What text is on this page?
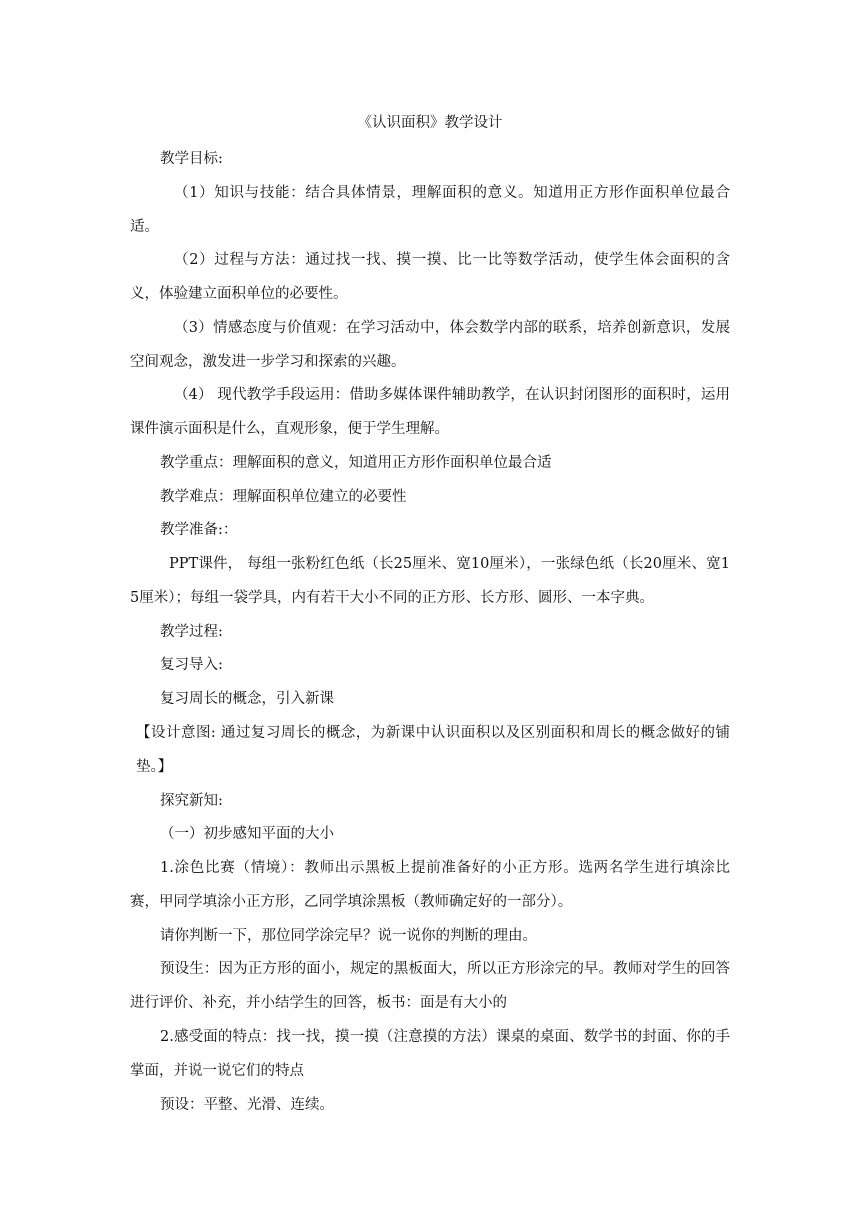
《认识面积》教学设计
教学目标:
（1）知识与技能：结合具体情景，理解面积的意义。知道用正方形作面积单位最合适。
（2）过程与方法：通过找一找、摸一摸、比一比等数学活动，使学生体会面积的含义，体验建立面积单位的必要性。
（3）情感态度与价值观：在学习活动中，体会数学内部的联系，培养创新意识，发展空间观念，激发进一步学习和探索的兴趣。
（4） 现代教学手段运用：借助多媒体课件辅助教学，在认识封闭图形的面积时，运用课件演示面积是什么，直观形象，便于学生理解。
教学重点：理解面积的意义，知道用正方形作面积单位最合适
教学难点：理解面积单位建立的必要性
教学准备:：
PPT课件， 每组一张粉红色纸（长25厘米、宽10厘米），一张绿色纸（长20厘米、宽15厘米）；每组一袋学具，内有若干大小不同的正方形、长方形、圆形、一本字典。
教学过程:
复习导入:
复习周长的概念，引入新课
【设计意图: 通过复习周长的概念，为新课中认识面积以及区别面积和周长的概念做好的铺垫。】
探究新知:
（一）初步感知平面的大小
1.涂色比赛（情境）：教师出示黑板上提前准备好的小正方形。选两名学生进行填涂比赛，甲同学填涂小正方形，乙同学填涂黑板（教师确定好的一部分）。
请你判断一下，那位同学涂完早？说一说你的判断的理由。
预设生：因为正方形的面小，规定的黑板面大，所以正方形涂完的早。教师对学生的回答进行评价、补充，并小结学生的回答，板书：面是有大小的
2.感受面的特点：找一找，摸一摸（注意摸的方法）课桌的桌面、数学书的封面、你的手掌面，并说一说它们的特点
预设：平整、光滑、连续。
